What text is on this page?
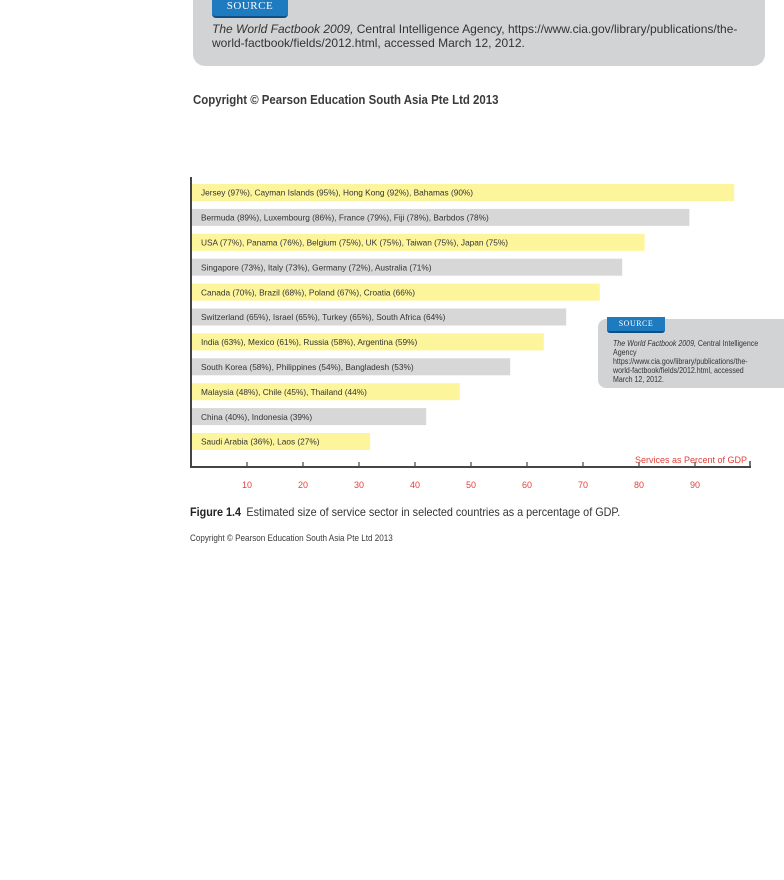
SOURCE
The World Factbook 2009, Central Intelligence Agency, https://www.cia.gov/library/publications/the-world-factbook/fields/2012.html, accessed March 12, 2012.
Copyright © Pearson Education South Asia Pte Ltd 2013
Jersey (97%), Cayman Islands (95%), Hong Kong (92%), Bahamas (90%)
Bermuda (89%), Luxembourg (86%), France (79%), Fiji (78%), Barbdos (78%)
USA (77%), Panama (76%), Belgium (75%), UK (75%), Taiwan (75%), Japan (75%)
Singapore (73%), Italy (73%), Germany (72%), Australia (71%)
Canada (70%), Brazil (68%), Poland (67%), Croatia (66%)
Switzerland (65%), Israel (65%), Turkey (65%), South Africa (64%)
India (63%), Mexico (61%), Russia (58%), Argentina (59%)
South Korea (58%), Philippines (54%), Bangladesh (53%)
Malaysia (48%), Chile (45%), Thailand (44%)
China (40%), Indonesia (39%)
Saudi Arabia (36%), Laos (27%)
10	20	30	40	50	60	70	80	90
Services as Percent of GDP
SOURCE
The World Factbook 2009, Central Intelligence Agency https://www.cia.gov/library/publications/the-world-factbook/fields/2012.html, accessed March 12, 2012.
Figure 1.4 Estimated size of service sector in selected countries as a percentage of GDP.
Copyright © Pearson Education South Asia Pte Ltd 2013
